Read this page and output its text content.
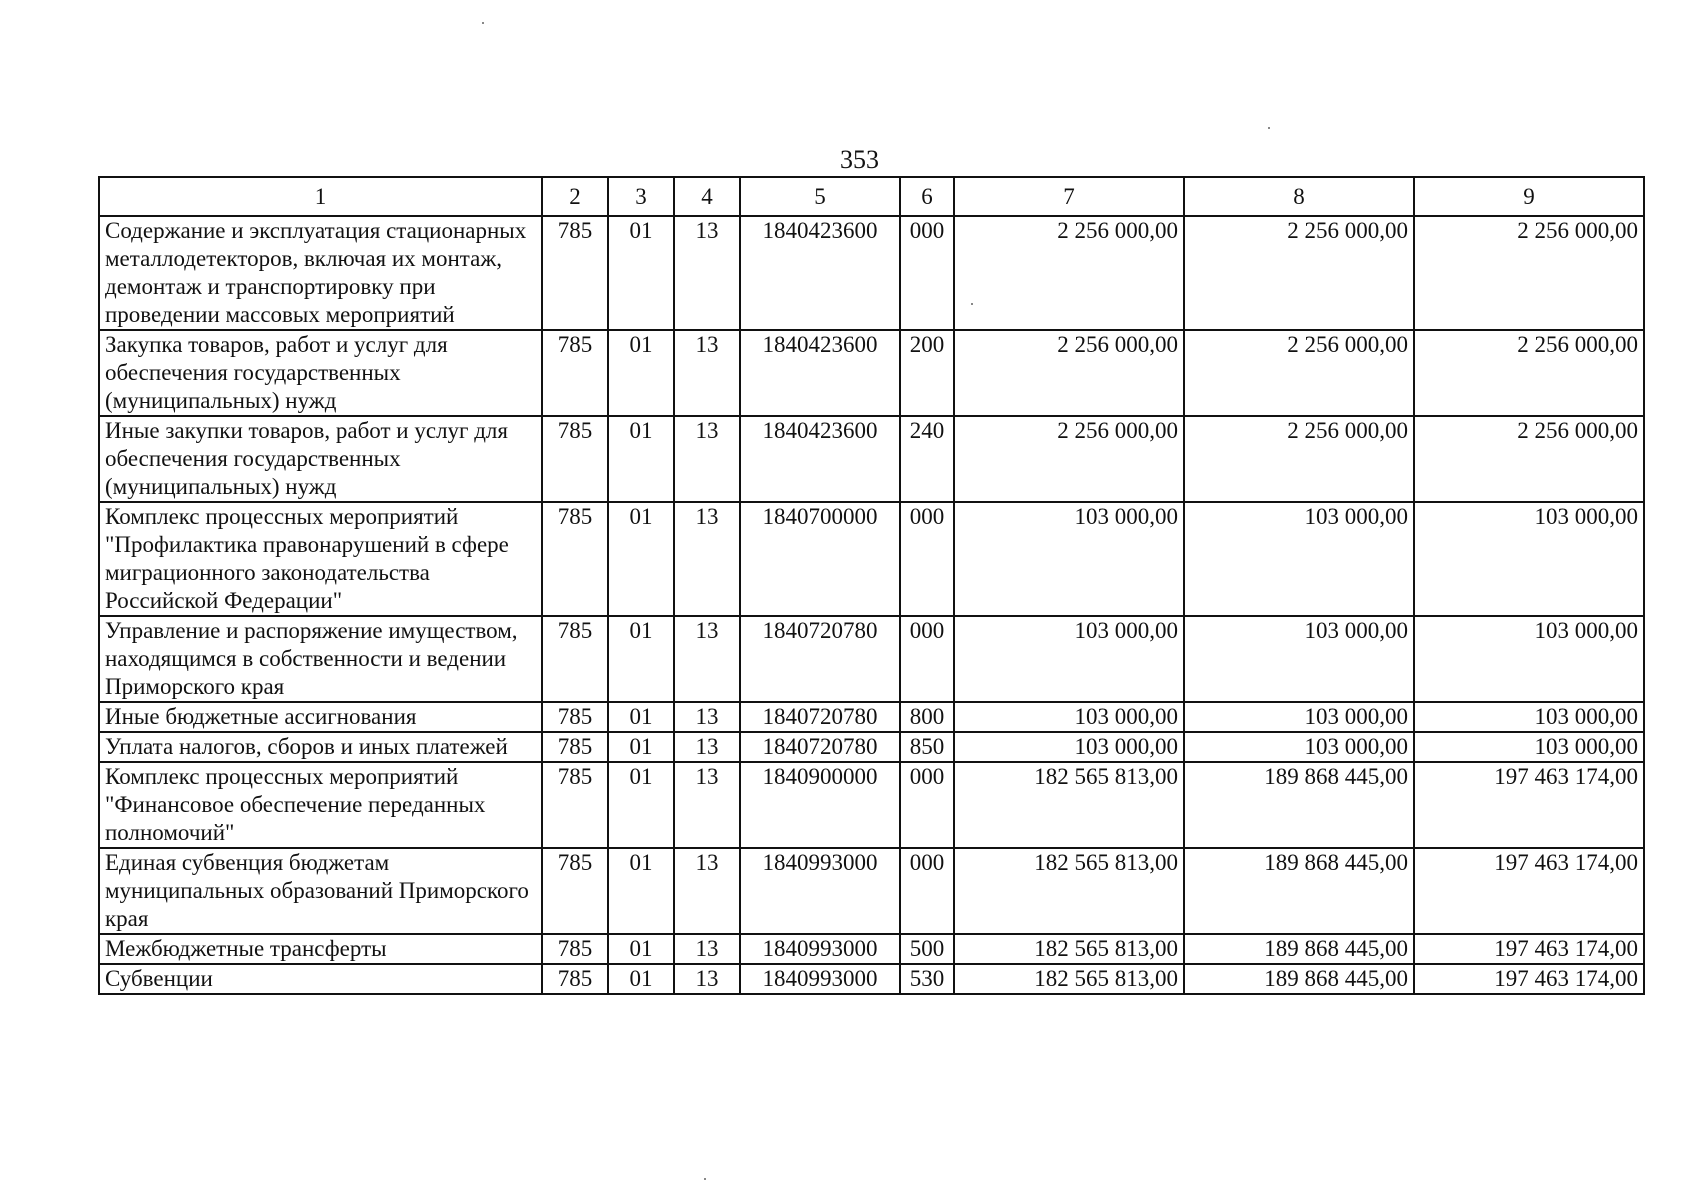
353
1	2	3	4	5	6	7	8	9
Содержание и эксплуатация стационарных металлодетекторов, включая их монтаж, демонтаж и транспортировку при проведении массовых мероприятий	785	01	13	1840423600	000	2 256 000,00	2 256 000,00	2 256 000,00
Закупка товаров, работ и услуг для обеспечения государственных (муниципальных) нужд	785	01	13	1840423600	200	2 256 000,00	2 256 000,00	2 256 000,00
Иные закупки товаров, работ и услуг для обеспечения государственных (муниципальных) нужд	785	01	13	1840423600	240	2 256 000,00	2 256 000,00	2 256 000,00
Комплекс процессных мероприятий "Профилактика правонарушений в сфере миграционного законодательства Российской Федерации"	785	01	13	1840700000	000	103 000,00	103 000,00	103 000,00
Управление и распоряжение имуществом, находящимся в собственности и ведении Приморского края	785	01	13	1840720780	000	103 000,00	103 000,00	103 000,00
Иные бюджетные ассигнования	785	01	13	1840720780	800	103 000,00	103 000,00	103 000,00
Уплата налогов, сборов и иных платежей	785	01	13	1840720780	850	103 000,00	103 000,00	103 000,00
Комплекс процессных мероприятий "Финансовое обеспечение переданных полномочий"	785	01	13	1840900000	000	182 565 813,00	189 868 445,00	197 463 174,00
Единая субвенция бюджетам муниципальных образований Приморского края	785	01	13	1840993000	000	182 565 813,00	189 868 445,00	197 463 174,00
Межбюджетные трансферты	785	01	13	1840993000	500	182 565 813,00	189 868 445,00	197 463 174,00
Субвенции	785	01	13	1840993000	530	182 565 813,00	189 868 445,00	197 463 174,00
